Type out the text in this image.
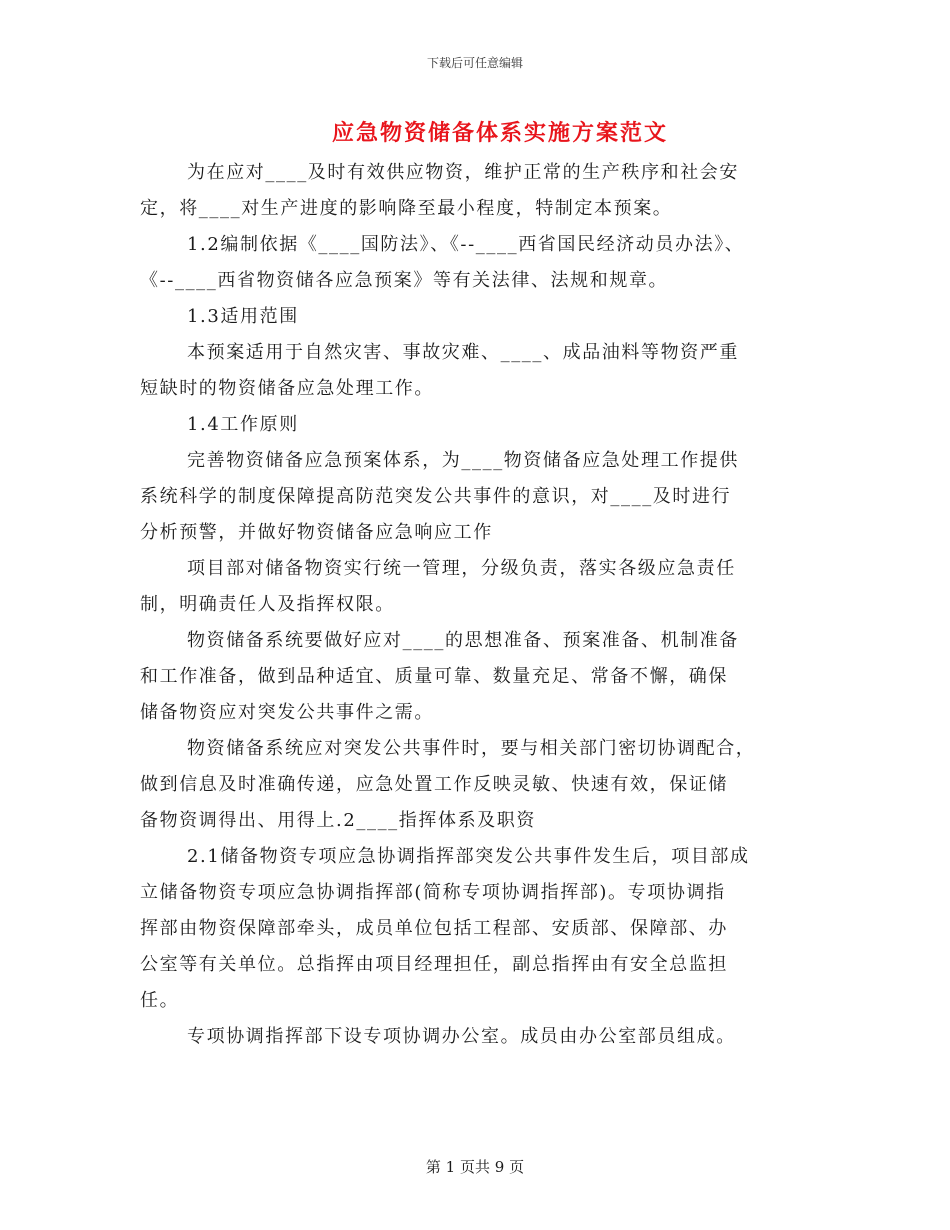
下载后可任意编辑
应急物资储备体系实施方案范文

为在应对____及时有效供应物资，维护正常的生产秩序和社会安
定，将____对生产进度的影响降至最小程度，特制定本预案。

1.2编制依据《____国防法》、《--____西省国民经济动员办法》、
《--____西省物资储各应急预案》等有关法律、法规和规章。

1.3适用范围

本预案适用于自然灾害、事故灾难、____、成品油料等物资严重
短缺时的物资储备应急处理工作。

1.4工作原则

完善物资储备应急预案体系，为____物资储备应急处理工作提供
系统科学的制度保障提高防范突发公共事件的意识，对____及时进行
分析预警，并做好物资储备应急响应工作

项目部对储备物资实行统一管理，分级负责，落实各级应急责任
制，明确责任人及指挥权限。

物资储备系统要做好应对____的思想准备、预案准备、机制准备
和工作准备，做到品种适宜、质量可靠、数量充足、常备不懈，确保
储备物资应对突发公共事件之需。

物资储备系统应对突发公共事件时，要与相关部门密切协调配合，
做到信息及时准确传递，应急处置工作反映灵敏、快速有效，保证储
备物资调得出、用得上.2____指挥体系及职资

2.1储备物资专项应急协调指挥部突发公共事件发生后，项目部成
立储备物资专项应急协调指挥部(简称专项协调指挥部)。专项协调指
挥部由物资保障部牵头，成员单位包括工程部、安质部、保障部、办
公室等有关单位。总指挥由项目经理担任，副总指挥由有安全总监担
任。

专项协调指挥部下设专项协调办公室。成员由办公室部员组成。

第 1 页共 9 页
